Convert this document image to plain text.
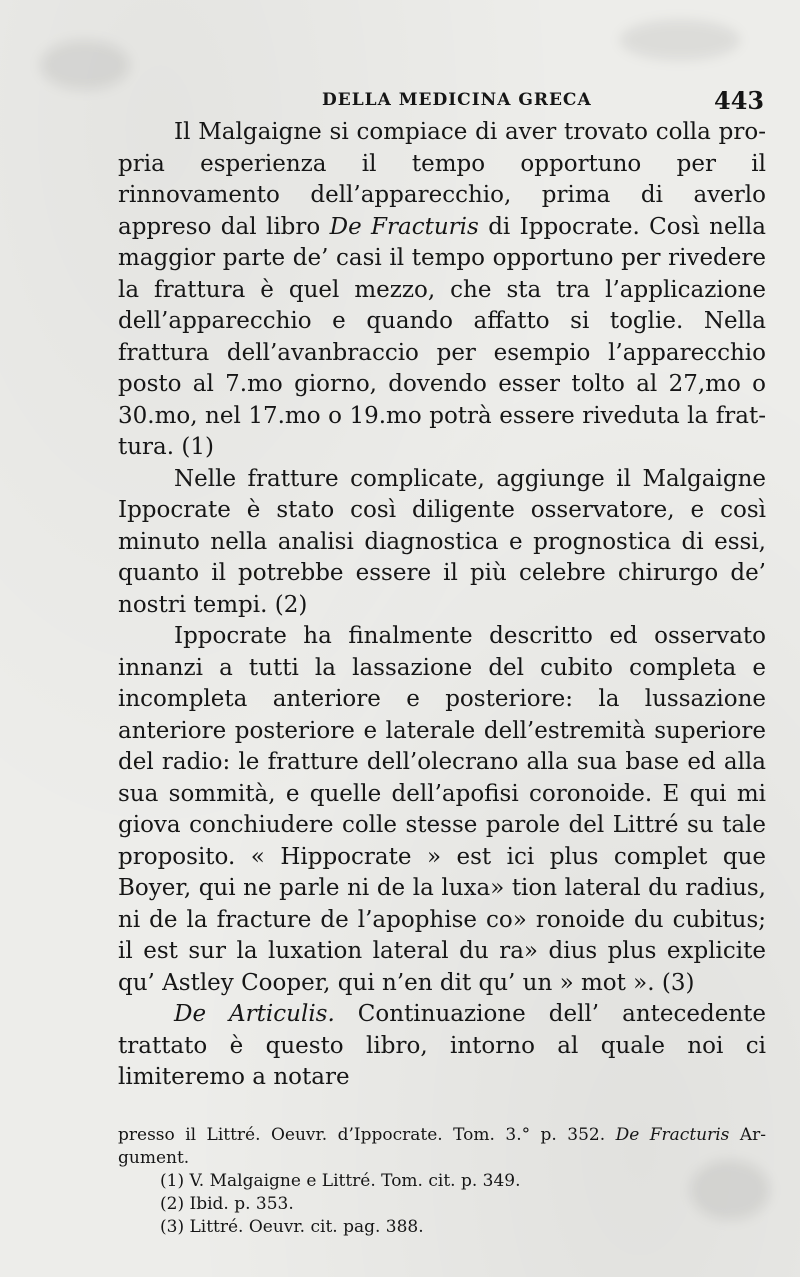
DELLA MEDICINA GRECA	443

Il Malgaigne si compiace di aver trovato colla propria esperienza il tempo opportuno per il rinnovamento dell’apparecchio, prima di averlo appreso dal libro De Fracturis di Ippocrate. Così nella maggior parte de’ casi il tempo opportuno per rivedere la frattura è quel mezzo, che sta tra l’applicazione dell’apparecchio e quando affatto si toglie. Nella frattura dell’avanbraccio per esempio l’apparecchio posto al 7.mo giorno, dovendo esser tolto al 27,mo o 30.mo, nel 17.mo o 19.mo potrà essere riveduta la frattura. (1)

Nelle fratture complicate, aggiunge il Malgaigne Ippocrate è stato così diligente osservatore, e così minuto nella analisi diagnostica e prognostica di essi, quanto il potrebbe essere il più celebre chirurgo de’ nostri tempi. (2)

Ippocrate ha finalmente descritto ed osservato innanzi a tutti la lassazione del cubito completa e incompleta anteriore e posteriore: la lussazione anteriore posteriore e laterale dell’estremità superiore del radio: le fratture dell’olecrano alla sua base ed alla sua sommità, e quelle dell’apofisi coronoide. E qui mi giova conchiudere colle stesse parole del Littré su tale proposito. « Hippocrate » est ici plus complet que Boyer, qui ne parle ni de la luxa» tion lateral du radius, ni de la fracture de l’apophise co» ronoide du cubitus; il est sur la luxation lateral du ra» dius plus explicite qu’ Astley Cooper, qui n’en dit qu’ un » mot ». (3)

De Articulis. Continuazione dell’ antecedente trattato è questo libro, intorno al quale noi ci limiteremo a notare

presso il Littré. Oeuvr. d’Ippocrate. Tom. 3.° p. 352. De Fracturis Argument.

(1) V. Malgaigne e Littré. Tom. cit. p. 349.

(2) Ibid. p. 353.

(3) Littré. Oeuvr. cit. pag. 388.
